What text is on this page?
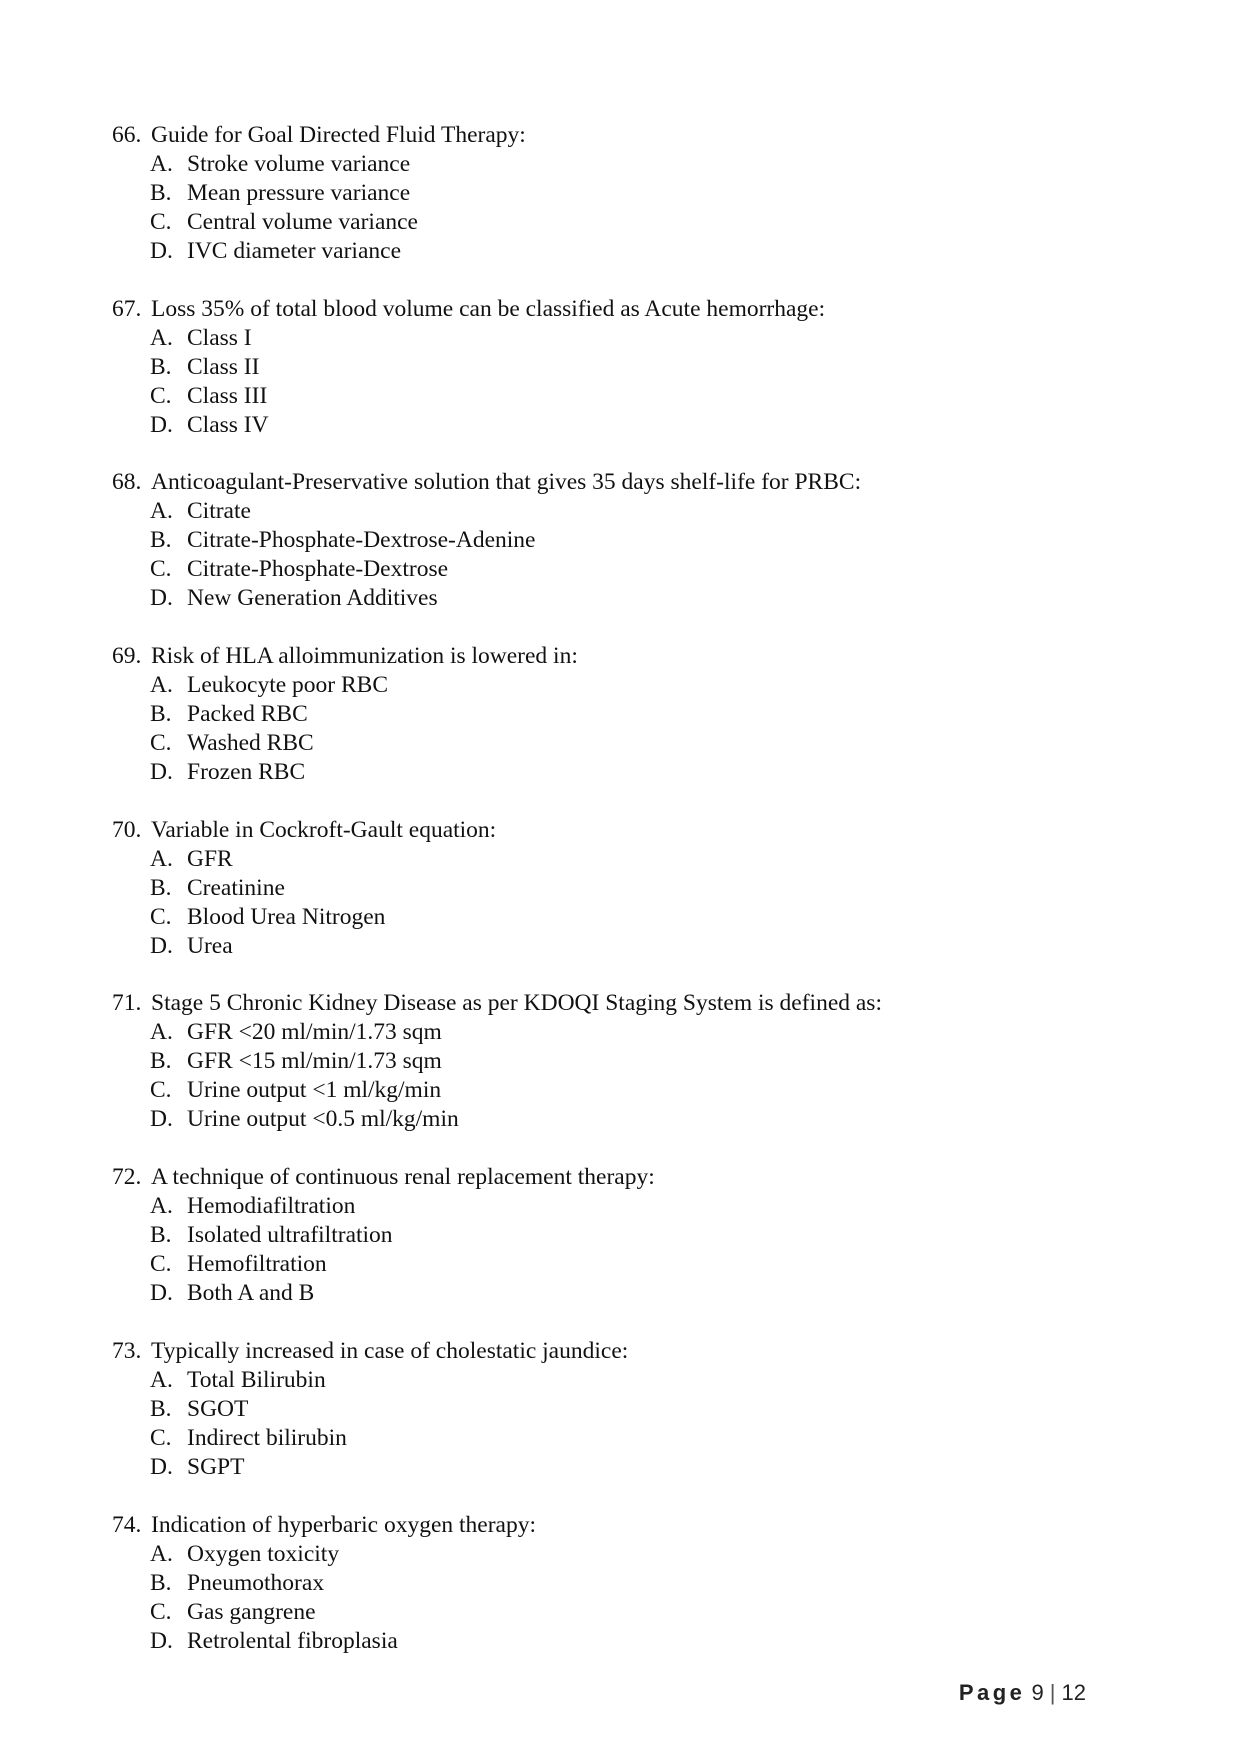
66. Guide for Goal Directed Fluid Therapy:
A. Stroke volume variance
B. Mean pressure variance
C. Central volume variance
D. IVC diameter variance
67. Loss 35% of total blood volume can be classified as Acute hemorrhage:
A. Class I
B. Class II
C. Class III
D. Class IV
68. Anticoagulant-Preservative solution that gives 35 days shelf-life for PRBC:
A. Citrate
B. Citrate-Phosphate-Dextrose-Adenine
C. Citrate-Phosphate-Dextrose
D. New Generation Additives
69. Risk of HLA alloimmunization is lowered in:
A. Leukocyte poor RBC
B. Packed RBC
C. Washed RBC
D. Frozen RBC
70. Variable in Cockroft-Gault equation:
A. GFR
B. Creatinine
C. Blood Urea Nitrogen
D. Urea
71. Stage 5 Chronic Kidney Disease as per KDOQI Staging System is defined as:
A. GFR <20 ml/min/1.73 sqm
B. GFR <15 ml/min/1.73 sqm
C. Urine output <1 ml/kg/min
D. Urine output <0.5 ml/kg/min
72. A technique of continuous renal replacement therapy:
A. Hemodiafiltration
B. Isolated ultrafiltration
C. Hemofiltration
D. Both A and B
73. Typically increased in case of cholestatic jaundice:
A. Total Bilirubin
B. SGOT
C. Indirect bilirubin
D. SGPT
74. Indication of hyperbaric oxygen therapy:
A. Oxygen toxicity
B. Pneumothorax
C. Gas gangrene
D. Retrolental fibroplasia
Page 9 | 12
